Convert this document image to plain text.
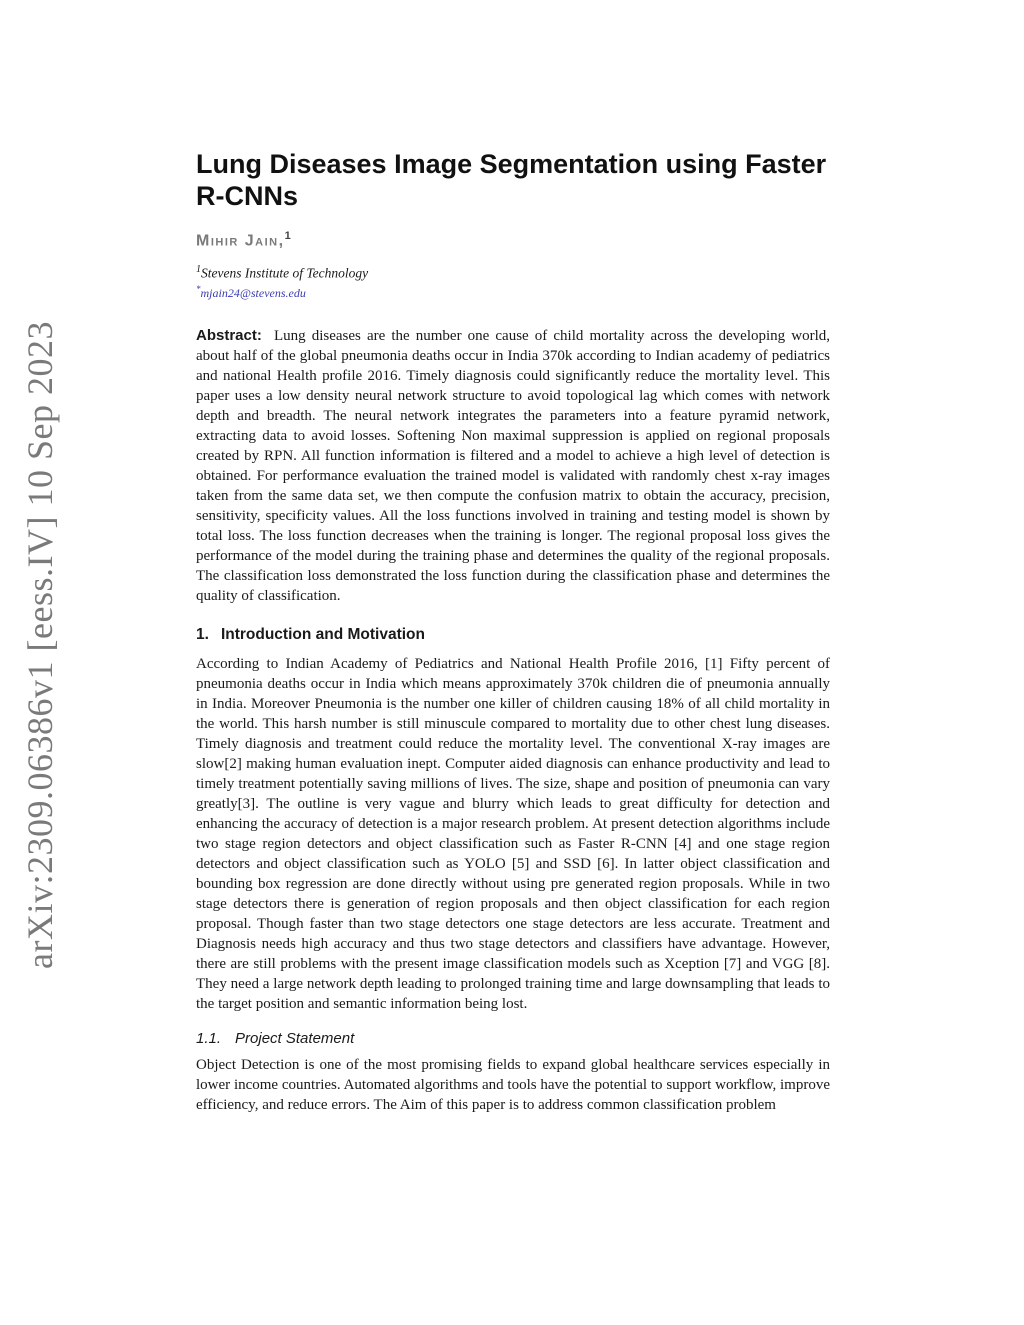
arXiv:2309.06386v1 [eess.IV] 10 Sep 2023
Lung Diseases Image Segmentation using Faster R-CNNs
Mihir Jain,$^1$
$^1$Stevens Institute of Technology
*mjain24@stevens.edu

Abstract: Lung diseases are the number one cause of child mortality across the developing world, about half of the global pneumonia deaths occur in India 370k according to Indian academy of pediatrics and national Health profile 2016. Timely diagnosis could significantly reduce the mortality level. This paper uses a low density neural network structure to avoid topological lag which comes with network depth and breadth. The neural network integrates the parameters into a feature pyramid network, extracting data to avoid losses. Softening Non maximal suppression is applied on regional proposals created by RPN. All function information is filtered and a model to achieve a high level of detection is obtained. For performance evaluation the trained model is validated with randomly chest x-ray images taken from the same data set, we then compute the confusion matrix to obtain the accuracy, precision, sensitivity, specificity values. All the loss functions involved in training and testing model is shown by total loss. The loss function decreases when the training is longer. The regional proposal loss gives the performance of the model during the training phase and determines the quality of the regional proposals. The classification loss demonstrated the loss function during the classification phase and determines the quality of classification.

1. Introduction and Motivation

According to Indian Academy of Pediatrics and National Health Profile 2016, [1] Fifty percent of pneumonia deaths occur in India which means approximately 370k children die of pneumonia annually in India. Moreover Pneumonia is the number one killer of children causing 18% of all child mortality in the world. This harsh number is still minuscule compared to mortality due to other chest lung diseases. Timely diagnosis and treatment could reduce the mortality level. The conventional X-ray images are slow[2] making human evaluation inept. Computer aided diagnosis can enhance productivity and lead to timely treatment potentially saving millions of lives. The size, shape and position of pneumonia can vary greatly[3]. The outline is very vague and blurry which leads to great difficulty for detection and enhancing the accuracy of detection is a major research problem. At present detection algorithms include two stage region detectors and object classification such as Faster R-CNN [4] and one stage region detectors and object classification such as YOLO [5] and SSD [6]. In latter object classification and bounding box regression are done directly without using pre generated region proposals. While in two stage detectors there is generation of region proposals and then object classification for each region proposal. Though faster than two stage detectors one stage detectors are less accurate. Treatment and Diagnosis needs high accuracy and thus two stage detectors and classifiers have advantage. However, there are still problems with the present image classification models such as Xception [7] and VGG [8]. They need a large network depth leading to prolonged training time and large downsampling that leads to the target position and semantic information being lost.

1.1. Project Statement

Object Detection is one of the most promising fields to expand global healthcare services especially in lower income countries. Automated algorithms and tools have the potential to support workflow, improve efficiency, and reduce errors. The Aim of this paper is to address common classification problem
